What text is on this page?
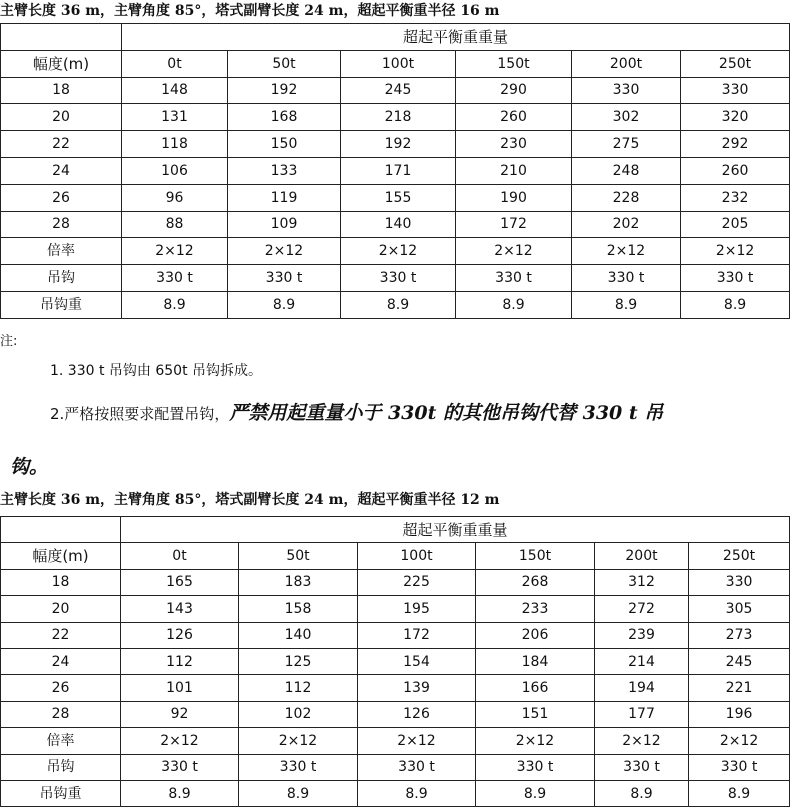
主臂长度 36 m，主臂角度 85°，塔式副臂长度 24 m，超起平衡重半径 16 m
	超起平衡重重量					
幅度(m)	0t	50t	100t	150t	200t	250t
18	148	192	245	290	330	330
20	131	168	218	260	302	320
22	118	150	192	230	275	292
24	106	133	171	210	248	260
26	96	119	155	190	228	232
28	88	109	140	172	202	205
倍率	2×12	2×12	2×12	2×12	2×12	2×12
吊钩	330 t	330 t	330 t	330 t	330 t	330 t
吊钩重	8.9	8.9	8.9	8.9	8.9	8.9
注:
1. 330 t 吊钩由 650t 吊钩拆成。
2.严格按照要求配置吊钩，严禁用起重量小于 330t 的其他吊钩代替 330 t 吊
钩。
主臂长度 36 m，主臂角度 85°，塔式副臂长度 24 m，超起平衡重半径 12 m
	超起平衡重重量					
幅度(m)	0t	50t	100t	150t	200t	250t
18	165	183	225	268	312	330
20	143	158	195	233	272	305
22	126	140	172	206	239	273
24	112	125	154	184	214	245
26	101	112	139	166	194	221
28	92	102	126	151	177	196
倍率	2×12	2×12	2×12	2×12	2×12	2×12
吊钩	330 t	330 t	330 t	330 t	330 t	330 t
吊钩重	8.9	8.9	8.9	8.9	8.9	8.9
